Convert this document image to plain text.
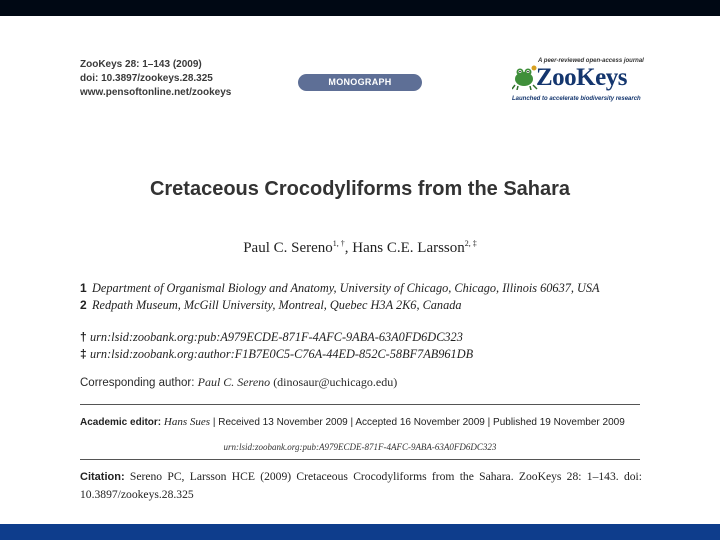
ZooKeys 28: 1–143 (2009)
doi: 10.3897/zookeys.28.325
www.pensoftonline.net/zookeys
MONOGRAPH
A peer-reviewed open-access journal
ZooKeys
Launched to accelerate biodiversity research
Cretaceous Crocodyliforms from the Sahara
Paul C. Sereno$^{1, \dagger}$, Hans C.E. Larsson$^{2, \ddagger}$
1 Department of Organismal Biology and Anatomy, University of Chicago, Chicago, Illinois 60637, USA
2 Redpath Museum, McGill University, Montreal, Quebec H3A 2K6, Canada
† urn:lsid:zoobank.org:pub:A979ECDE-871F-4AFC-9ABA-63A0FD6DC323
‡ urn:lsid:zoobank.org:author:F1B7E0C5-C76A-44ED-852C-58BF7AB961DB
Corresponding author: Paul C. Sereno (dinosaur@uchicago.edu)
Academic editor: Hans Sues | Received 13 November 2009 | Accepted 16 November 2009 | Published 19 November 2009
urn:lsid:zoobank.org:pub:A979ECDE-871F-4AFC-9ABA-63A0FD6DC323
Citation: Sereno PC, Larsson HCE (2009) Cretaceous Crocodyliforms from the Sahara. ZooKeys 28: 1–143. doi: 10.3897/zookeys.28.325
